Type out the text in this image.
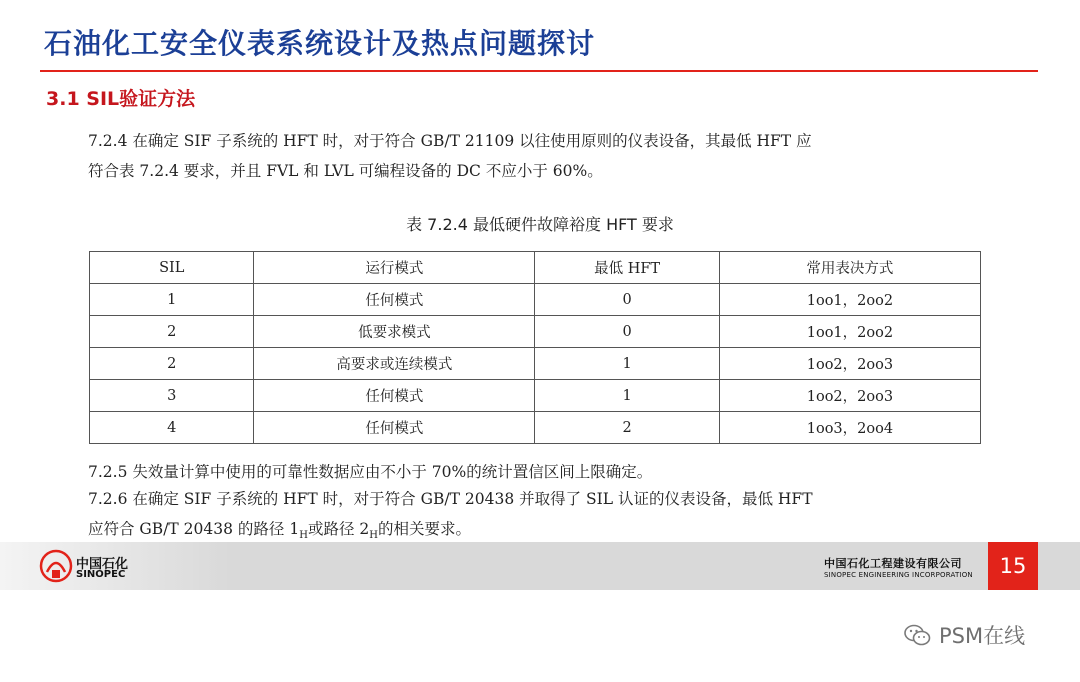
石油化工安全仪表系统设计及热点问题探讨
3.1 SIL验证方法
7.2.4 在确定 SIF 子系统的 HFT 时，对于符合 GB/T 21109 以往使用原则的仪表设备，其最低 HFT 应
符合表 7.2.4 要求，并且 FVL 和 LVL 可编程设备的 DC 不应小于 60%。
表 7.2.4 最低硬件故障裕度 HFT 要求
SIL	运行模式	最低 HFT	常用表决方式
1	任何模式	0	1oo1，2oo2
2	低要求模式	0	1oo1，2oo2
2	高要求或连续模式	1	1oo2，2oo3
3	任何模式	1	1oo2，2oo3
4	任何模式	2	1oo3，2oo4
7.2.5 失效量计算中使用的可靠性数据应由不小于 70%的统计置信区间上限确定。
7.2.6 在确定 SIF 子系统的 HFT 时，对于符合 GB/T 20438 并取得了 SIL 认证的仪表设备，最低 HFT
应符合 GB/T 20438 的路径 $1_H$或路径 $2_H$的相关要求。
中国石化
SINOPEC
中国石化工程建设有限公司
SINOPEC ENGINEERING INCORPORATION	15
PSM在线
